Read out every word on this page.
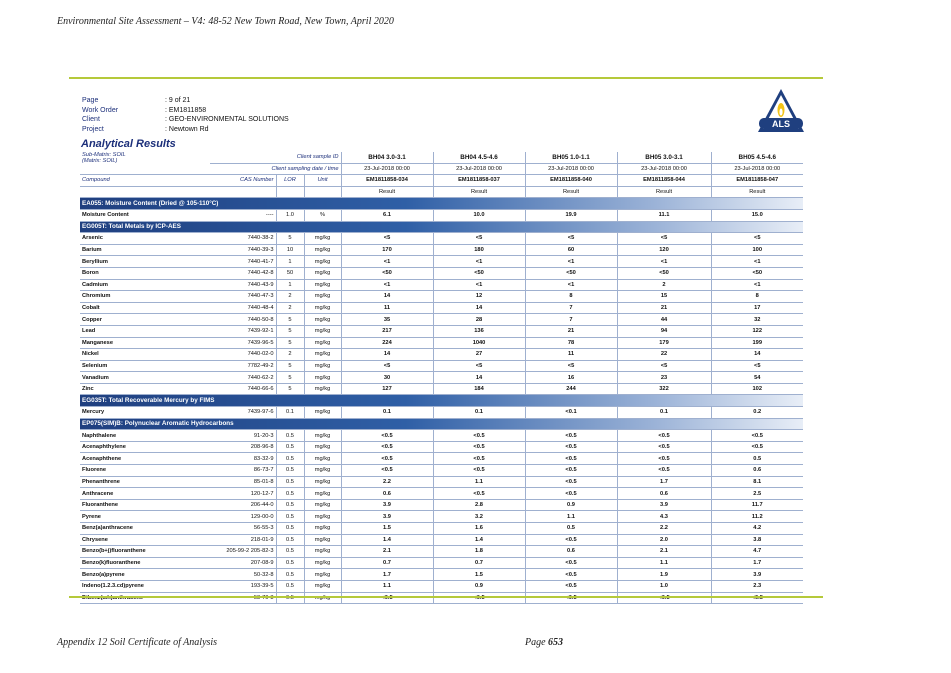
Environmental Site Assessment – V4: 48-52 New Town Road, New Town, April 2020
Page	: 9 of 21
Work Order	: EM1811858
Client	: GEO-ENVIRONMENTAL SOLUTIONS
Project	: Newtown Rd
ALS
Analytical Results
Sub-Matrix: SOIL
(Matrix: SOIL)	Client sample ID			BH04 3.0-3.1	BH04 4.5-4.6	BH05 1.0-1.1	BH05 3.0-3.1	BH05 4.5-4.6
	Client sampling date / time			23-Jul-2018 00:00	23-Jul-2018 00:00	23-Jul-2018 00:00	23-Jul-2018 00:00	23-Jul-2018 00:00
Compound	CAS Number	LOR	Unit	EM1811858-034	EM1811858-037	EM1811858-040	EM1811858-044	EM1811858-047
				Result	Result	Result	Result	Result
EA055: Moisture Content (Dried @ 105-110°C)								
Moisture Content	----	1.0	%	6.1	10.0	19.9	11.1	15.0
EG005T: Total Metals by ICP-AES								
Arsenic	7440-38-2	5	mg/kg	<5	<5	<5	<5	<5
Barium	7440-39-3	10	mg/kg	170	180	60	120	100
Beryllium	7440-41-7	1	mg/kg	<1	<1	<1	<1	<1
Boron	7440-42-8	50	mg/kg	<50	<50	<50	<50	<50
Cadmium	7440-43-9	1	mg/kg	<1	<1	<1	2	<1
Chromium	7440-47-3	2	mg/kg	14	12	8	15	8
Cobalt	7440-48-4	2	mg/kg	11	14	7	21	17
Copper	7440-50-8	5	mg/kg	35	28	7	44	32
Lead	7439-92-1	5	mg/kg	217	136	21	94	122
Manganese	7439-96-5	5	mg/kg	224	1040	78	179	199
Nickel	7440-02-0	2	mg/kg	14	27	11	22	14
Selenium	7782-49-2	5	mg/kg	<5	<5	<5	<5	<5
Vanadium	7440-62-2	5	mg/kg	30	14	16	23	54
Zinc	7440-66-6	5	mg/kg	127	184	244	322	102
EG035T: Total Recoverable Mercury by FIMS								
Mercury	7439-97-6	0.1	mg/kg	0.1	0.1	<0.1	0.1	0.2
EP075(SIM)B: Polynuclear Aromatic Hydrocarbons								
Naphthalene	91-20-3	0.5	mg/kg	<0.5	<0.5	<0.5	<0.5	<0.5
Acenaphthylene	208-96-8	0.5	mg/kg	<0.5	<0.5	<0.5	<0.5	<0.5
Acenaphthene	83-32-9	0.5	mg/kg	<0.5	<0.5	<0.5	<0.5	0.5
Fluorene	86-73-7	0.5	mg/kg	<0.5	<0.5	<0.5	<0.5	0.6
Phenanthrene	85-01-8	0.5	mg/kg	2.2	1.1	<0.5	1.7	8.1
Anthracene	120-12-7	0.5	mg/kg	0.6	<0.5	<0.5	0.6	2.5
Fluoranthene	206-44-0	0.5	mg/kg	3.9	2.8	0.9	3.9	11.7
Pyrene	129-00-0	0.5	mg/kg	3.9	3.2	1.1	4.3	11.2
Benz(a)anthracene	56-55-3	0.5	mg/kg	1.5	1.6	0.5	2.2	4.2
Chrysene	218-01-9	0.5	mg/kg	1.4	1.4	<0.5	2.0	3.8
Benzo(b+j)fluoranthene	205-99-2 205-82-3	0.5	mg/kg	2.1	1.8	0.6	2.1	4.7
Benzo(k)fluoranthene	207-08-9	0.5	mg/kg	0.7	0.7	<0.5	1.1	1.7
Benzo(a)pyrene	50-32-8	0.5	mg/kg	1.7	1.5	<0.5	1.9	3.9
Indeno(1.2.3.cd)pyrene	193-39-5	0.5	mg/kg	1.1	0.9	<0.5	1.0	2.3

Appendix 12 Soil Certificate of Analysis	Page 653
